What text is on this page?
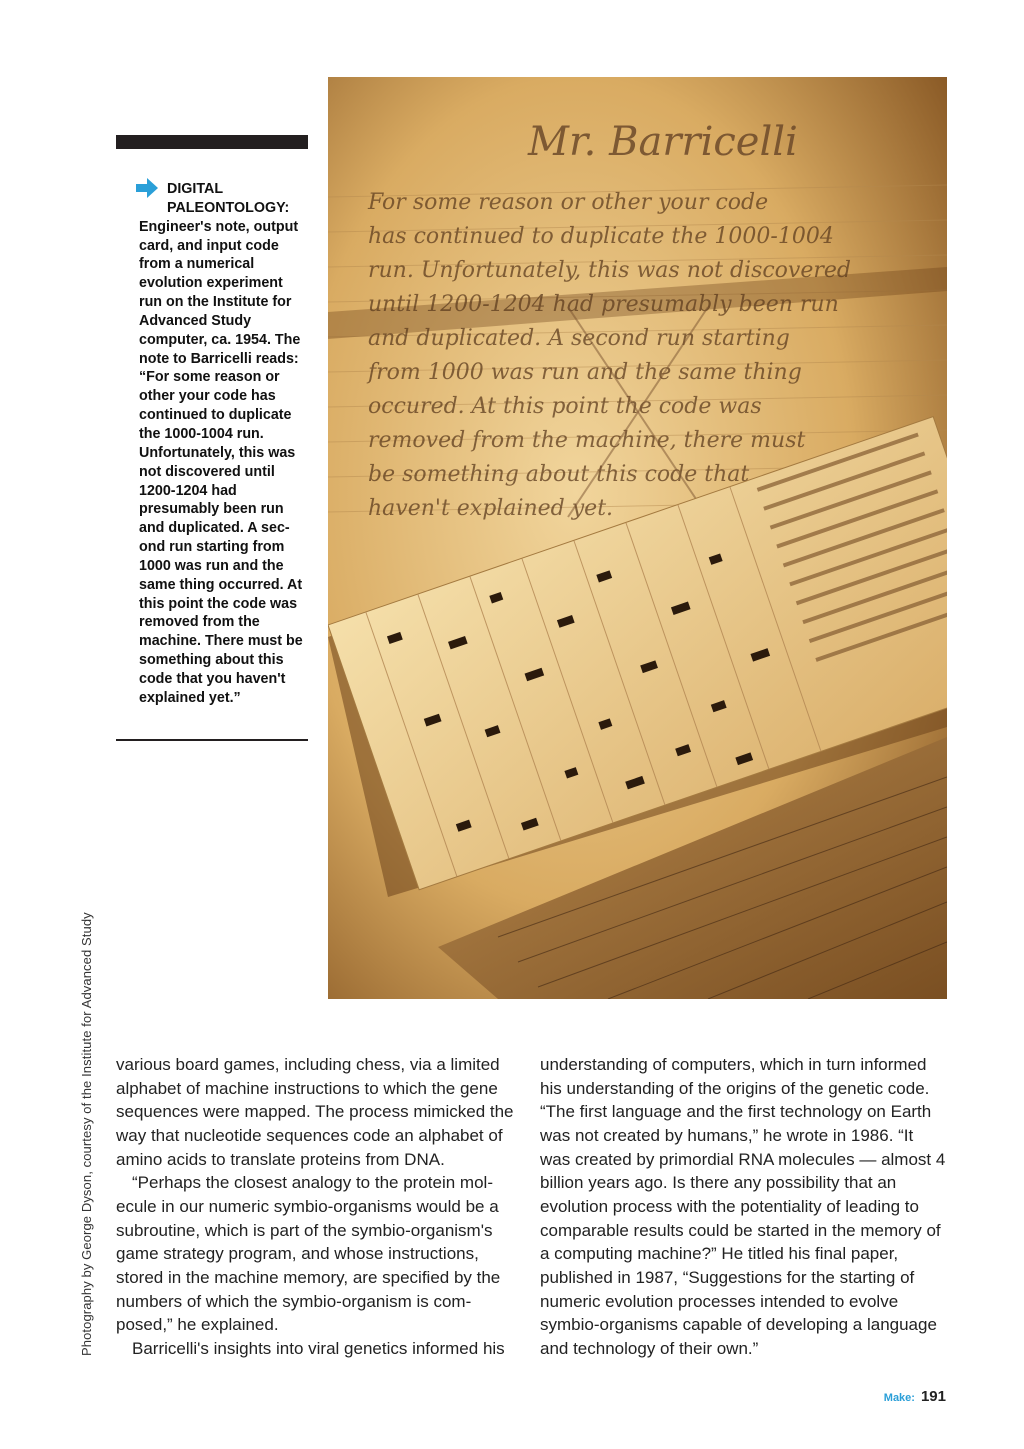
Photography by George Dyson, courtesy of the Institute for Advanced Study
DIGITAL PALEONTOLOGY:
Engineer's note, output card, and input code from a numerical evolution experiment run on the Institute for Advanced Study computer, ca. 1954. The note to Barricelli reads: “For some reason or other your code has continued to duplicate the 1000-1004 run. Unfortunately, this was not discovered until 1200-1204 had presumably been run and duplicated. A sec-ond run starting from 1000 was run and the same thing occurred. At this point the code was removed from the machine. There must be something about this code that you haven't explained yet.”
Mr. Barricelli
For some reason or other your code
has continued to duplicate the 1000-1004
run. Unfortunately, this was not discovered
until 1200-1204 had presumably been run
and duplicated. A second run starting
from 1000 was run and the same thing
occured. At this point the code was
removed from the machine, there must
be something about this code that
haven't explained yet.

various board games, including chess, via a limited alphabet of machine instructions to which the gene sequences were mapped. The process mimicked the way that nucleotide sequences code an alphabet of amino acids to translate proteins from DNA.

“Perhaps the closest analogy to the protein mol-ecule in our numeric symbio-organisms would be a subroutine, which is part of the symbio-organism's game strategy program, and whose instructions, stored in the machine memory, are specified by the numbers of which the symbio-organism is com-posed,” he explained.

Barricelli's insights into viral genetics informed his

understanding of computers, which in turn informed his understanding of the origins of the genetic code. “The first language and the first technology on Earth was not created by humans,” he wrote in 1986. “It was created by primordial RNA molecules — almost 4 billion years ago. Is there any possibility that an evolution process with the potentiality of leading to comparable results could be started in the memory of a computing machine?” He titled his final paper, published in 1987, “Suggestions for the starting of numeric evolution processes intended to evolve symbio-organisms capable of developing a language and technology of their own.”

Make: 191
